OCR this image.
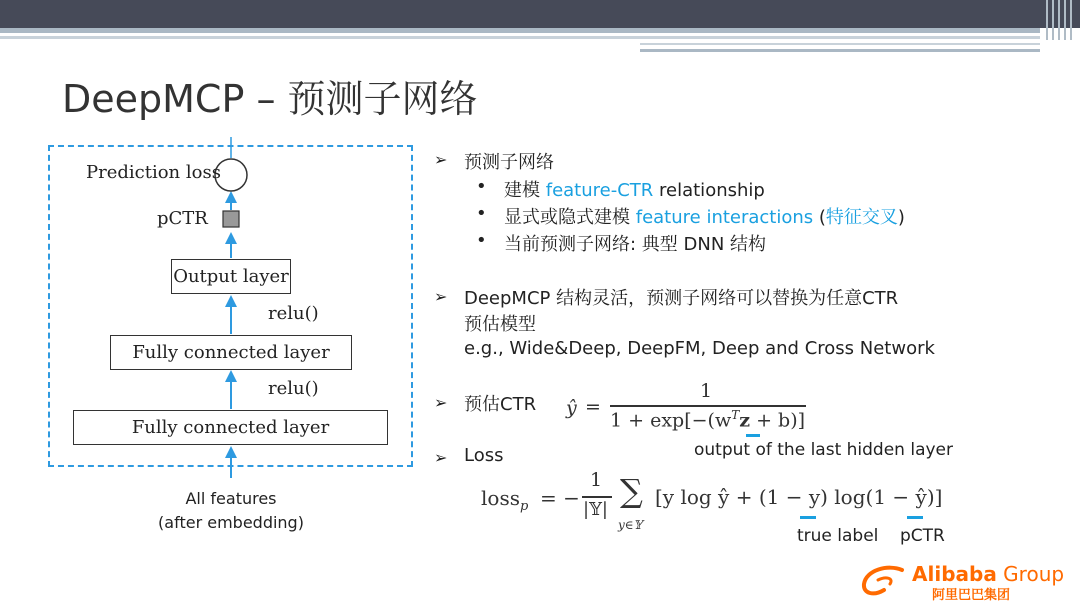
DeepMCP – 预测子网络
Prediction loss
pCTR
Output layer
relu()
Fully connected layer
relu()
Fully connected layer
All features
(after embedding)
➢ 预测子网络
• 建模 feature-CTR relationship
• 显式或隐式建模 feature interactions (特征交叉)
• 当前预测子网络: 典型 DNN 结构
➢ DeepMCP 结构灵活，预测子网络可以替换为任意CTR
预估模型
e.g., Wide&Deep, DeepFM, Deep and Cross Network
➢ 预估CTR ŷ =
1
$1 + \exp[-(w^Tz + b)]$
output of the last hidden layer
➢ Loss
loss$_p$ = −
1
|𝕐| ∑
y∈𝕐
[y log ŷ + (1 − y) log(1 − ŷ)]
true label pCTR
Alibaba Group
阿里巴巴集团
